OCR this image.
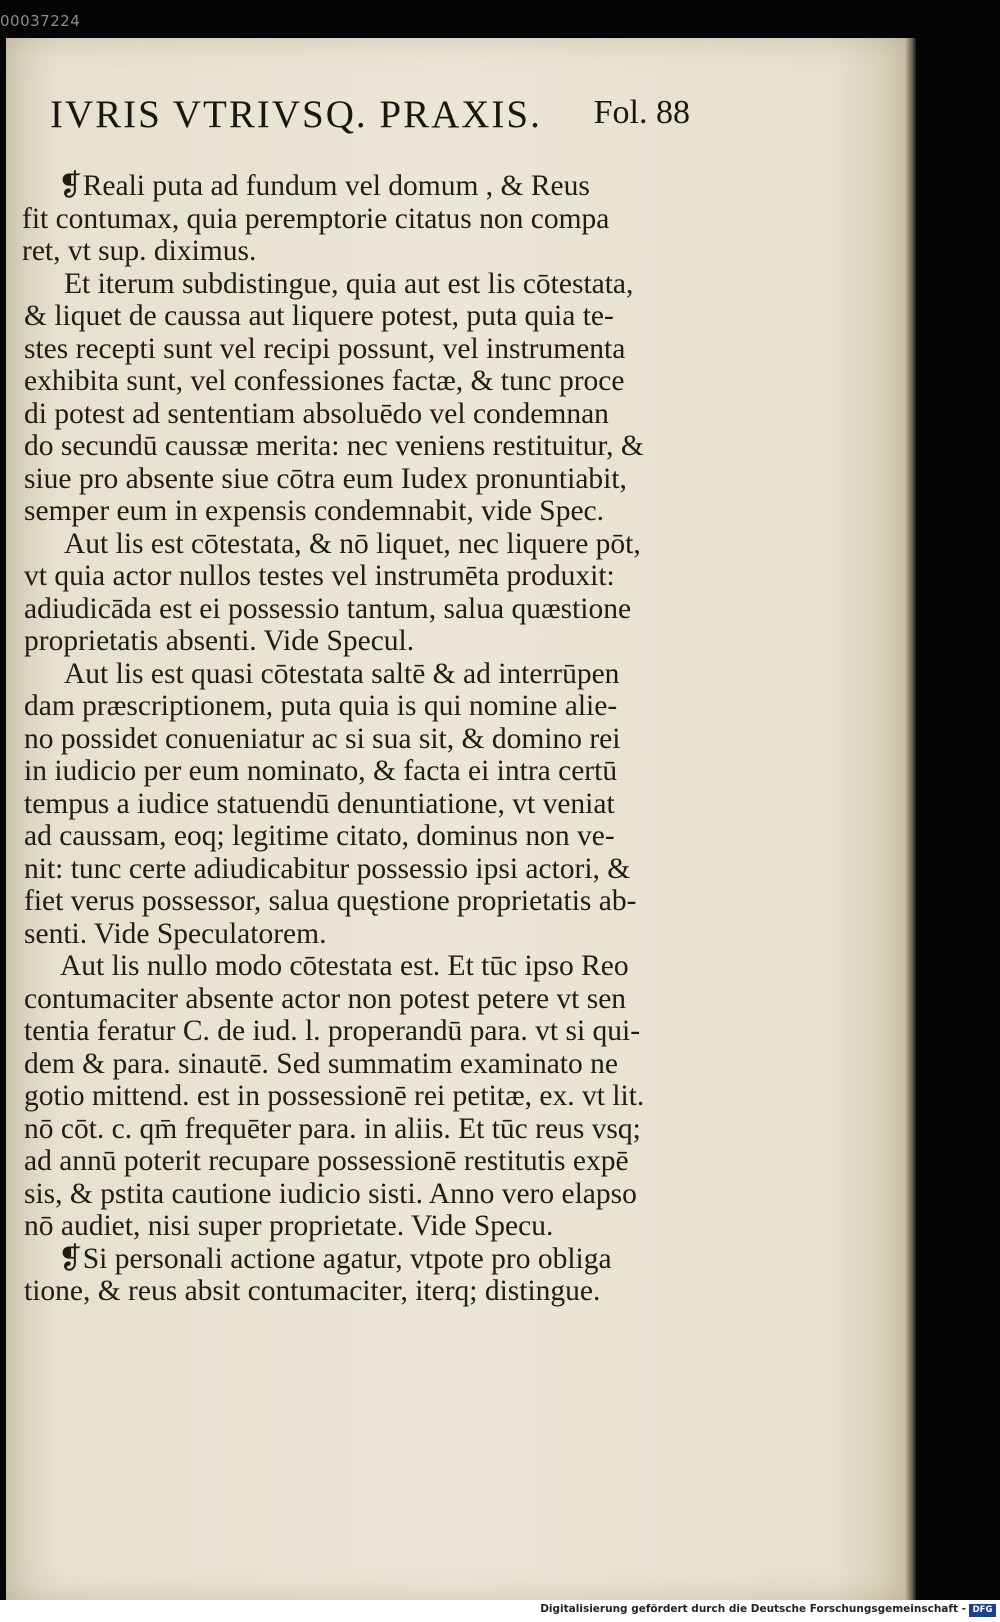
00037224
IVRIS VTRIVSQ. PRAXIS. Fol. 88
❡Reali puta ad fundum vel domum , & Reus
fit contumax, quia peremptorie citatus non compa
ret, vt sup. diximus.
Et iterum subdistingue, quia aut est lis cōtestata,
& liquet de caussa aut liquere potest, puta quia te-
stes recepti sunt vel recipi possunt, vel instrumenta
exhibita sunt, vel confessiones factæ, & tunc proce
di potest ad sententiam absoluēdo vel condemnan
do secundū caussæ merita: nec veniens restituitur, &
siue pro absente siue cōtra eum Iudex pronuntiabit,
semper eum in expensis condemnabit, vide Spec.
Aut lis est cōtestata, & nō liquet, nec liquere pōt,
vt quia actor nullos testes vel instrumēta produxit:
adiudicāda est ei possessio tantum, salua quæstione
proprietatis absenti. Vide Specul.
Aut lis est quasi cōtestata saltē & ad interrūpen
dam præscriptionem, puta quia is qui nomine alie-
no possidet conueniatur ac si sua sit, & domino rei
in iudicio per eum nominato, & facta ei intra certū
tempus a iudice statuendū denuntiatione, vt veniat
ad caussam, eoq; legitime citato, dominus non ve-
nit: tunc certe adiudicabitur possessio ipsi actori, &
fiet verus possessor, salua quęstione proprietatis ab-
senti. Vide Speculatorem.
Aut lis nullo modo cōtestata est. Et tūc ipso Reo
contumaciter absente actor non potest petere vt sen
tentia feratur C. de iud. l. properandū para. vt si qui-
dem & para. sinautē. Sed summatim examinato ne
gotio mittend. est in possessionē rei petitæ, ex. vt lit.
nō cōt. c. qm̄ frequēter para. in aliis. Et tūc reus vsq;
ad annū poterit recupare possessionē restitutis expē
sis, & pstita cautione iudicio sisti. Anno vero elapso
nō audiet, nisi super proprietate. Vide Specu.
❡Si personali actione agatur, vtpote pro obliga
tione, & reus absit contumaciter, iterq; distingue.
Digitalisierung gefördert durch die Deutsche Forschungsgemeinschaft - DFG
